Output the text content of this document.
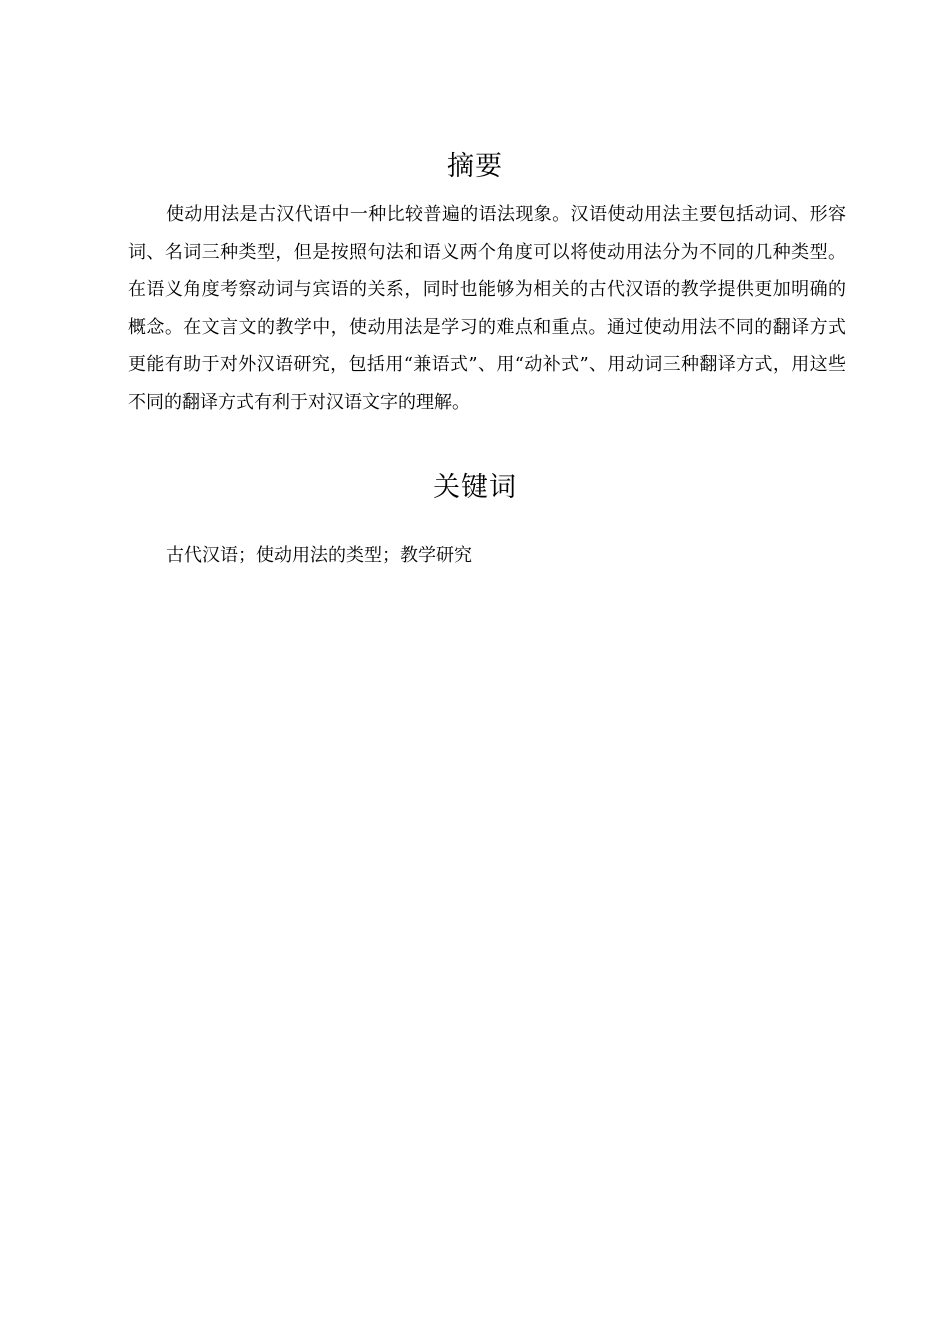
摘要

使动用法是古汉代语中一种比较普遍的语法现象。汉语使动用法主要包括动词、形容词、名词三种类型，但是按照句法和语义两个角度可以将使动用法分为不同的几种类型。在语义角度考察动词与宾语的关系，同时也能够为相关的古代汉语的教学提供更加明确的概念。在文言文的教学中，使动用法是学习的难点和重点。通过使动用法不同的翻译方式更能有助于对外汉语研究，包括用“兼语式”、用“动补式”、用动词三种翻译方式，用这些不同的翻译方式有利于对汉语文字的理解。

关键词

古代汉语；使动用法的类型；教学研究
